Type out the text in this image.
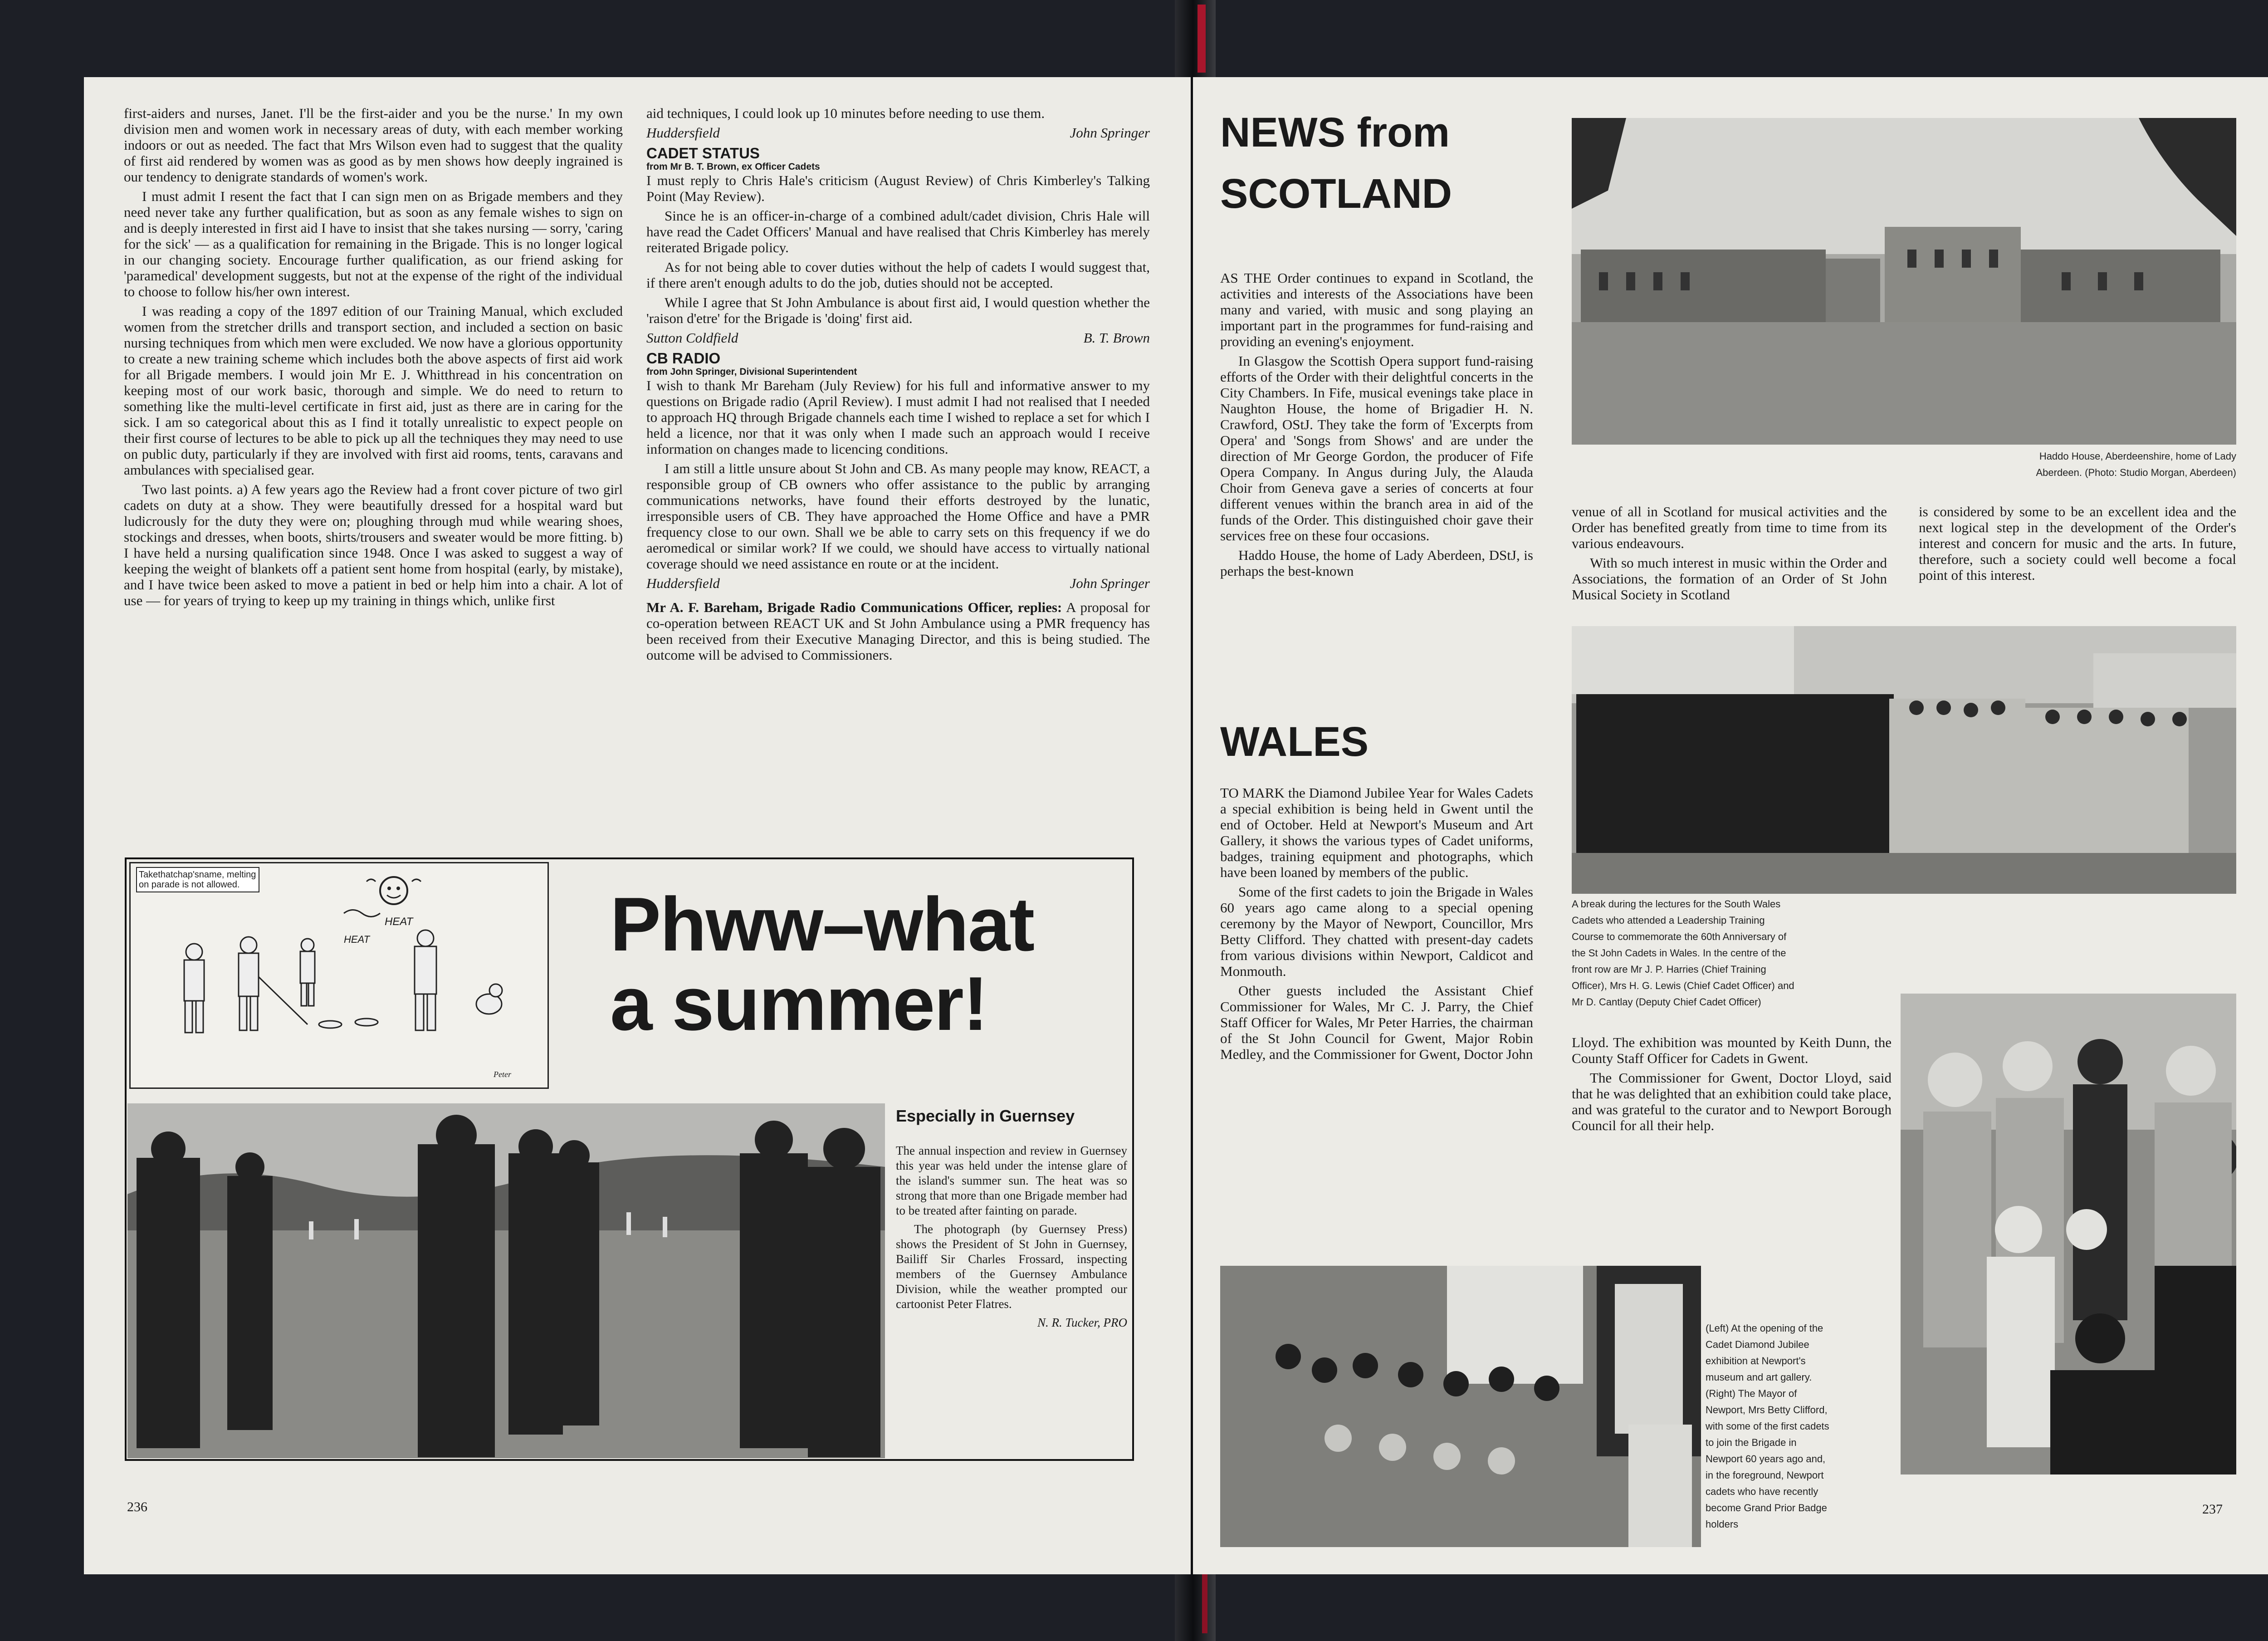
first-aiders and nurses, Janet. I'll be the first-aider and you be the nurse.' In my own division men and women work in necessary areas of duty, with each member working indoors or out as needed. The fact that Mrs Wilson even had to suggest that the quality of first aid rendered by women was as good as by men shows how deeply ingrained is our tendency to denigrate standards of women's work.

I must admit I resent the fact that I can sign men on as Brigade members and they need never take any further qualification, but as soon as any female wishes to sign on and is deeply interested in first aid I have to insist that she takes nursing — sorry, 'caring for the sick' — as a qualification for remaining in the Brigade. This is no longer logical in our changing society. Encourage further qualification, as our friend asking for 'paramedical' development suggests, but not at the expense of the right of the individual to choose to follow his/her own interest.

I was reading a copy of the 1897 edition of our Training Manual, which excluded women from the stretcher drills and transport section, and included a section on basic nursing techniques from which men were excluded. We now have a glorious opportunity to create a new training scheme which includes both the above aspects of first aid work for all Brigade members. I would join Mr E. J. Whitthread in his concentration on keeping most of our work basic, thorough and simple. We do need to return to something like the multi-level certificate in first aid, just as there are in caring for the sick. I am so categorical about this as I find it totally unrealistic to expect people on their first course of lectures to be able to pick up all the techniques they may need to use on public duty, particularly if they are involved with first aid rooms, tents, caravans and ambulances with specialised gear.

Two last points. a) A few years ago the Review had a front cover picture of two girl cadets on duty at a show. They were beautifully dressed for a hospital ward but ludicrously for the duty they were on; ploughing through mud while wearing shoes, stockings and dresses, when boots, shirts/trousers and sweater would be more fitting. b) I have held a nursing qualification since 1948. Once I was asked to suggest a way of keeping the weight of blankets off a patient sent home from hospital (early, by mistake), and I have twice been asked to move a patient in bed or help him into a chair. A lot of use — for years of trying to keep up my training in things which, unlike first

aid techniques, I could look up 10 minutes before needing to use them.

Huddersfield	John Springer
CADET STATUS
from Mr B. T. Brown, ex Officer Cadets

I must reply to Chris Hale's criticism (August Review) of Chris Kimberley's Talking Point (May Review).

Since he is an officer-in-charge of a combined adult/cadet division, Chris Hale will have read the Cadet Officers' Manual and have realised that Chris Kimberley has merely reiterated Brigade policy.

As for not being able to cover duties without the help of cadets I would suggest that, if there aren't enough adults to do the job, duties should not be accepted.

While I agree that St John Ambulance is about first aid, I would question whether the 'raison d'etre' for the Brigade is 'doing' first aid.

Sutton Coldfield	B. T. Brown
CB RADIO
from John Springer, Divisional Superintendent

I wish to thank Mr Bareham (July Review) for his full and informative answer to my questions on Brigade radio (April Review). I must admit I had not realised that I needed to approach HQ through Brigade channels each time I wished to replace a set for which I held a licence, nor that it was only when I made such an approach would I receive information on changes made to licencing conditions.

I am still a little unsure about St John and CB. As many people may know, REACT, a responsible group of CB owners who offer assistance to the public by arranging communications networks, have found their efforts destroyed by the lunatic, irresponsible users of CB. They have approached the Home Office and have a PMR frequency close to our own. Shall we be able to carry sets on this frequency if we do aeromedical or similar work? If we could, we should have access to virtually national coverage should we need assistance en route or at the incident.

Huddersfield	John Springer

Mr A. F. Bareham, Brigade Radio Communications Officer, replies: A proposal for co-operation between REACT UK and St John Ambulance using a PMR frequency has been received from their Executive Managing Director, and this is being studied. The outcome will be advised to Commissioners.

Takethatchap'sname, melting on parade is not allowed.
HEAT
HEAT
Peter
Phww–what
a summer!
Especially in Guernsey

The annual inspection and review in Guernsey this year was held under the intense glare of the island's summer sun. The heat was so strong that more than one Brigade member had to be treated after fainting on parade.

The photograph (by Guernsey Press) shows the President of St John in Guernsey, Bailiff Sir Charles Frossard, inspecting members of the Guernsey Ambulance Division, while the weather prompted our cartoonist Peter Flatres.

N. R. Tucker, PRO
236
NEWS from
SCOTLAND

AS THE Order continues to expand in Scotland, the activities and interests of the Associations have been many and varied, with music and song playing an important part in the programmes for fund-raising and providing an evening's enjoyment.

In Glasgow the Scottish Opera support fund-raising efforts of the Order with their delightful concerts in the City Chambers. In Fife, musical evenings take place in Naughton House, the home of Brigadier H. N. Crawford, OStJ. They take the form of 'Excerpts from Opera' and 'Songs from Shows' and are under the direction of Mr George Gordon, the producer of Fife Opera Company. In Angus during July, the Alauda Choir from Geneva gave a series of concerts at four different venues within the branch area in aid of the funds of the Order. This distinguished choir gave their services free on these four occasions.

Haddo House, the home of Lady Aberdeen, DStJ, is perhaps the best-known

Haddo House, Aberdeenshire, home of Lady
Aberdeen. (Photo: Studio Morgan, Aberdeen)

venue of all in Scotland for musical activities and the Order has benefited greatly from time to time from its various endeavours.

With so much interest in music within the Order and Associations, the formation of an Order of St John Musical Society in Scotland

is considered by some to be an excellent idea and the next logical step in the development of the Order's interest and concern for music and the arts. In future, therefore, such a society could well become a focal point of this interest.

WALES

TO MARK the Diamond Jubilee Year for Wales Cadets a special exhibition is being held in Gwent until the end of October. Held at Newport's Museum and Art Gallery, it shows the various types of Cadet uniforms, badges, training equipment and photographs, which have been loaned by members of the public.

Some of the first cadets to join the Brigade in Wales 60 years ago came along to a special opening ceremony by the Mayor of Newport, Councillor, Mrs Betty Clifford. They chatted with present-day cadets from various divisions within Newport, Caldicot and Monmouth.

Other guests included the Assistant Chief Commissioner for Wales, Mr C. J. Parry, the Chief Staff Officer for Wales, Mr Peter Harries, the chairman of the St John Council for Gwent, Major Robin Medley, and the Commissioner for Gwent, Doctor John

A break during the lectures for the South Wales
Cadets who attended a Leadership Training
Course to commemorate the 60th Anniversary of
the St John Cadets in Wales. In the centre of the
front row are Mr J. P. Harries (Chief Training
Officer), Mrs H. G. Lewis (Chief Cadet Officer) and
Mr D. Cantlay (Deputy Chief Cadet Officer)

Lloyd. The exhibition was mounted by Keith Dunn, the County Staff Officer for Cadets in Gwent.

The Commissioner for Gwent, Doctor Lloyd, said that he was delighted that an exhibition could take place, and was grateful to the curator and to Newport Borough Council for all their help.

(Left) At the opening of the
Cadet Diamond Jubilee
exhibition at Newport's
museum and art gallery.
(Right) The Mayor of
Newport, Mrs Betty Clifford,
with some of the first cadets
to join the Brigade in
Newport 60 years ago and,
in the foreground, Newport
cadets who have recently
become Grand Prior Badge
holders
237
